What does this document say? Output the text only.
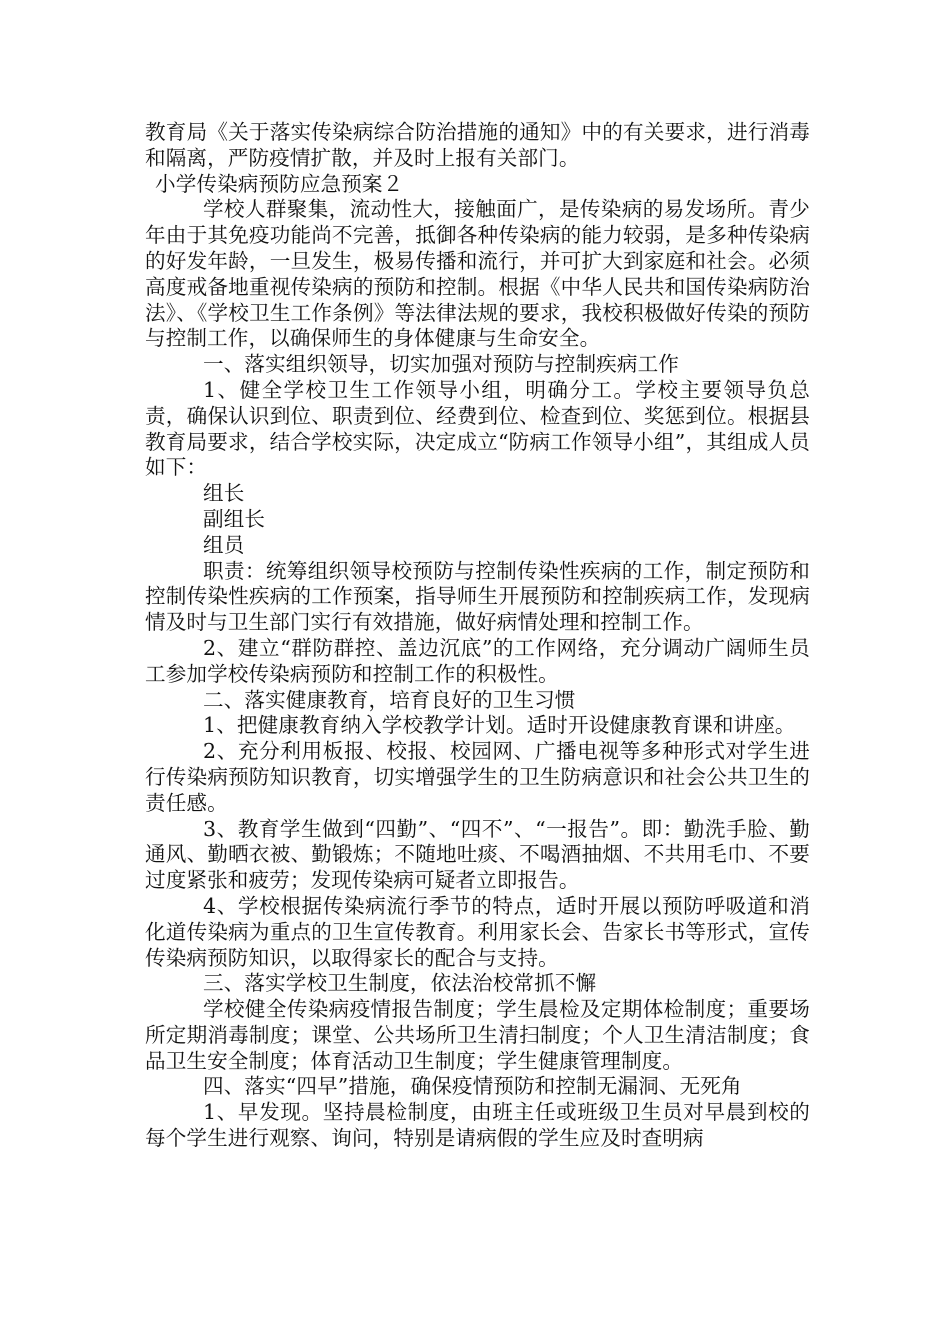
教育局《关于落实传染病综合防治措施的通知》中的有关要求，进行消毒和隔离，严防疫情扩散，并及时上报有关部门。

小学传染病预防应急预案２

学校人群聚集，流动性大，接触面广，是传染病的易发场所。青少年由于其免疫功能尚不完善，抵御各种传染病的能力较弱，是多种传染病的好发年龄，一旦发生，极易传播和流行，并可扩大到家庭和社会。必须高度戒备地重视传染病的预防和控制。根据《中华人民共和国传染病防治法》、《学校卫生工作条例》等法律法规的要求，我校积极做好传染的预防与控制工作，以确保师生的身体健康与生命安全。

一、落实组织领导，切实加强对预防与控制疾病工作

1、健全学校卫生工作领导小组，明确分工。学校主要领导负总责，确保认识到位、职责到位、经费到位、检查到位、奖惩到位。根据县教育局要求，结合学校实际，决定成立“防病工作领导小组”，其组成人员如下：

组长

副组长

组员

职责：统筹组织领导校预防与控制传染性疾病的工作，制定预防和控制传染性疾病的工作预案，指导师生开展预防和控制疾病工作，发现病情及时与卫生部门实行有效措施，做好病情处理和控制工作。

2、建立“群防群控、盖边沉底”的工作网络，充分调动广阔师生员工参加学校传染病预防和控制工作的积极性。

二、落实健康教育，培育良好的卫生习惯

1、把健康教育纳入学校教学计划。适时开设健康教育课和讲座。

2、充分利用板报、校报、校园网、广播电视等多种形式对学生进行传染病预防知识教育，切实增强学生的卫生防病意识和社会公共卫生的责任感。

3、教育学生做到“四勤”、“四不”、“一报告”。即：勤洗手脸、勤通风、勤晒衣被、勤锻炼；不随地吐痰、不喝酒抽烟、不共用毛巾、不要过度紧张和疲劳；发现传染病可疑者立即报告。

4、学校根据传染病流行季节的特点，适时开展以预防呼吸道和消化道传染病为重点的卫生宣传教育。利用家长会、告家长书等形式，宣传传染病预防知识，以取得家长的配合与支持。

三、落实学校卫生制度，依法治校常抓不懈

学校健全传染病疫情报告制度；学生晨检及定期体检制度；重要场所定期消毒制度；课堂、公共场所卫生清扫制度；个人卫生清洁制度；食品卫生安全制度；体育活动卫生制度；学生健康管理制度。

四、落实“四早”措施，确保疫情预防和控制无漏洞、无死角

1、早发现。坚持晨检制度，由班主任或班级卫生员对早晨到校的每个学生进行观察、询问，特别是请病假的学生应及时查明病
